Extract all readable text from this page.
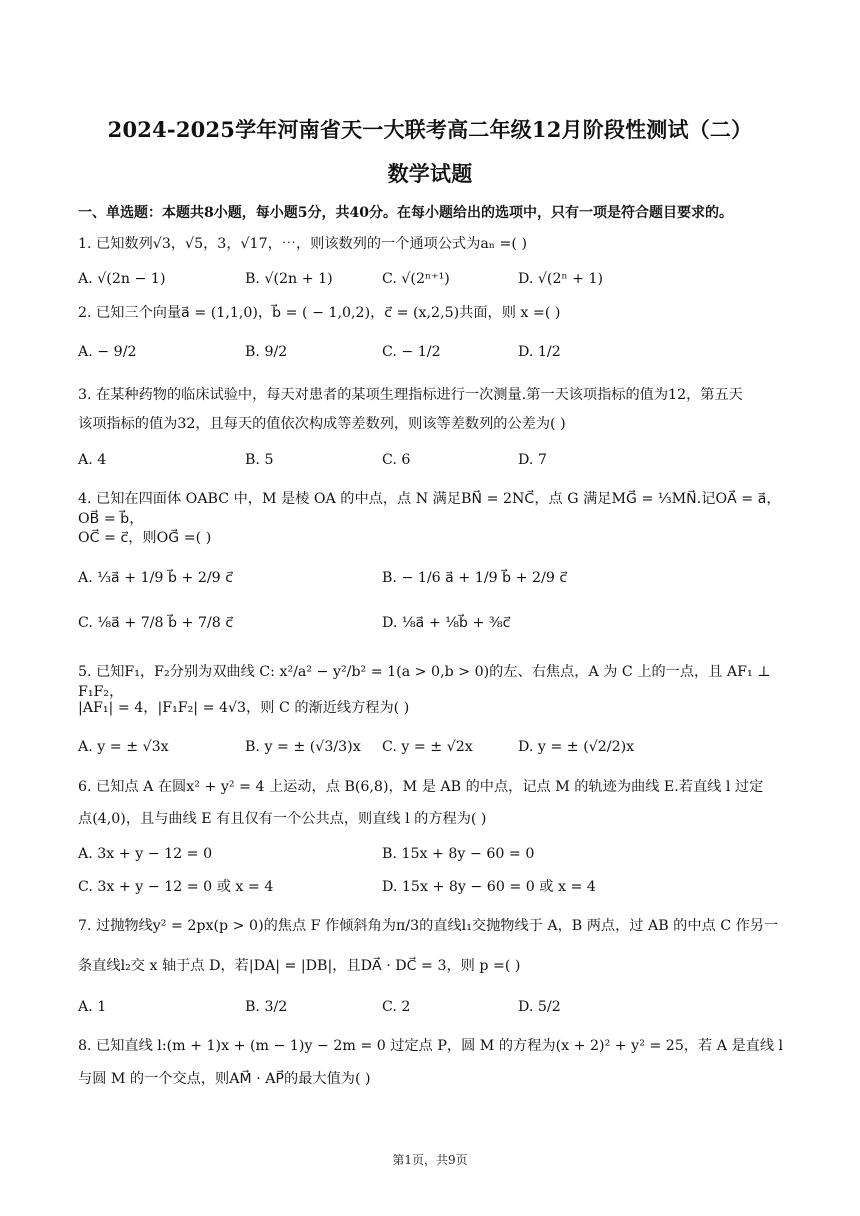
2024-2025学年河南省天一大联考高二年级12月阶段性测试（二）
数学试题
一、单选题：本题共8小题，每小题5分，共40分。在每小题给出的选项中，只有一项是符合题目要求的。
1. 已知数列√3，√5，3，√17，⋯，则该数列的一个通项公式为aₙ =( )
A. √(2n − 1)	B. √(2n + 1)	C. √(2ⁿ⁺¹)	D. √(2ⁿ + 1)
2. 已知三个向量a⃗ = (1,1,0)，b⃗ = ( − 1,0,2)，c⃗ = (x,2,5)共面，则 x =( )
A. − 9/2	B. 9/2	C. − 1/2	D. 1/2
3. 在某种药物的临床试验中，每天对患者的某项生理指标进行一次测量.第一天该项指标的值为12，第五天
该项指标的值为32，且每天的值依次构成等差数列，则该等差数列的公差为( )
A. 4	B. 5	C. 6	D. 7
4. 已知在四面体 OABC 中，M 是棱 OA 的中点，点 N 满足BN⃗ = 2NC⃗，点 G 满足MG⃗ = ⅓MN⃗.记OA⃗ = a⃗，OB⃗ = b⃗，
OC⃗ = c⃗，则OG⃗ =( )
A. ⅓a⃗ + 1/9 b⃗ + 2/9 c⃗	B. − 1/6 a⃗ + 1/9 b⃗ + 2/9 c⃗
C. ⅛a⃗ + 7/8 b⃗ + 7/8 c⃗	D. ⅛a⃗ + ⅛b⃗ + ⅜c⃗
5. 已知F₁，F₂分别为双曲线 C: x²/a² − y²/b² = 1(a > 0,b > 0)的左、右焦点，A 为 C 上的一点，且 AF₁ ⊥ F₁F₂，
|AF₁| = 4，|F₁F₂| = 4√3，则 C 的渐近线方程为( )
A. y = ± √3x	B. y = ± (√3/3)x C. y = ± √2x	D. y = ± (√2/2)x
6. 已知点 A 在圆x² + y² = 4 上运动，点 B(6,8)，M 是 AB 的中点，记点 M 的轨迹为曲线 E.若直线 l 过定
点(4,0)，且与曲线 E 有且仅有一个公共点，则直线 l 的方程为( )
A. 3x + y − 12 = 0	B. 15x + 8y − 60 = 0
C. 3x + y − 12 = 0 或 x = 4	D. 15x + 8y − 60 = 0 或 x = 4
7. 过抛物线y² = 2px(p > 0)的焦点 F 作倾斜角为π/3的直线l₁交抛物线于 A，B 两点，过 AB 的中点 C 作另一
条直线l₂交 x 轴于点 D，若|DA| = |DB|，且DA⃗ · DC⃗ = 3，则 p =( )
A. 1	B. 3/2	C. 2	D. 5/2
8. 已知直线 l:(m + 1)x + (m − 1)y − 2m = 0 过定点 P，圆 M 的方程为(x + 2)² + y² = 25，若 A 是直线 l
与圆 M 的一个交点，则AM⃗ · AP⃗的最大值为( )
第1页，共9页
